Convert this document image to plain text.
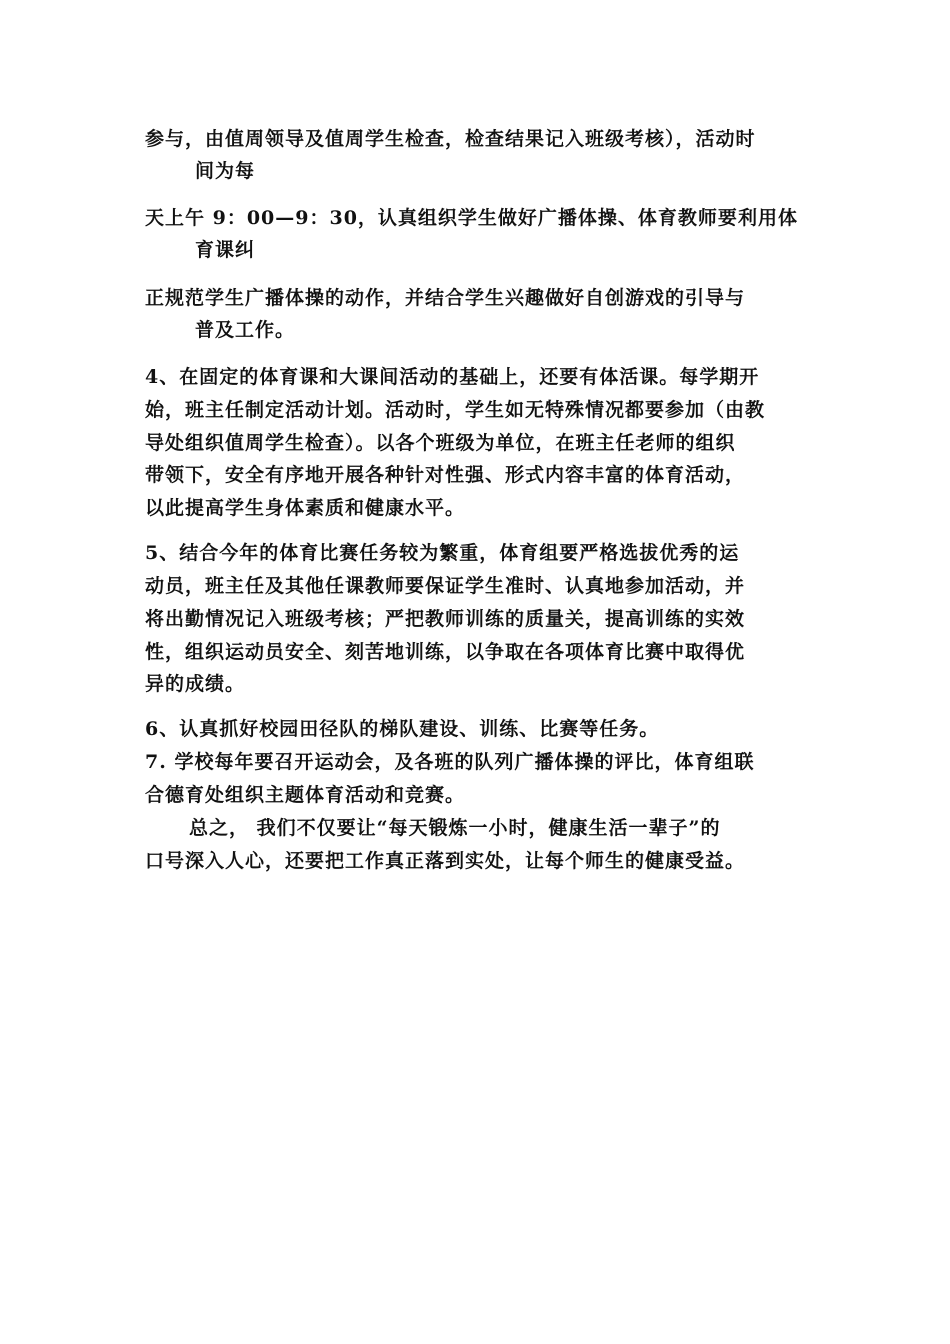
参与，由值周领导及值周学生检查，检查结果记入班级考核），活动时
间为每
天上午 9：00—9：30，认真组织学生做好广播体操、体育教师要利用体
育课纠
正规范学生广播体操的动作，并结合学生兴趣做好自创游戏的引导与
普及工作。
4、在固定的体育课和大课间活动的基础上，还要有体活课。每学期开
始，班主任制定活动计划。活动时，学生如无特殊情况都要参加（由教
导处组织值周学生检查）。以各个班级为单位，在班主任老师的组织
带领下，安全有序地开展各种针对性强、形式内容丰富的体育活动，
以此提高学生身体素质和健康水平。
5、结合今年的体育比赛任务较为繁重，体育组要严格选拔优秀的运
动员，班主任及其他任课教师要保证学生准时、认真地参加活动，并
将出勤情况记入班级考核；严把教师训练的质量关，提高训练的实效
性，组织运动员安全、刻苦地训练，以争取在各项体育比赛中取得优
异的成绩。
6、认真抓好校园田径队的梯队建设、训练、比赛等任务。
7. 学校每年要召开运动会，及各班的队列广播体操的评比，体育组联
合德育处组织主题体育活动和竞赛。
总之， 我们不仅要让“每天锻炼一小时，健康生活一辈子”的
口号深入人心，还要把工作真正落到实处，让每个师生的健康受益。
